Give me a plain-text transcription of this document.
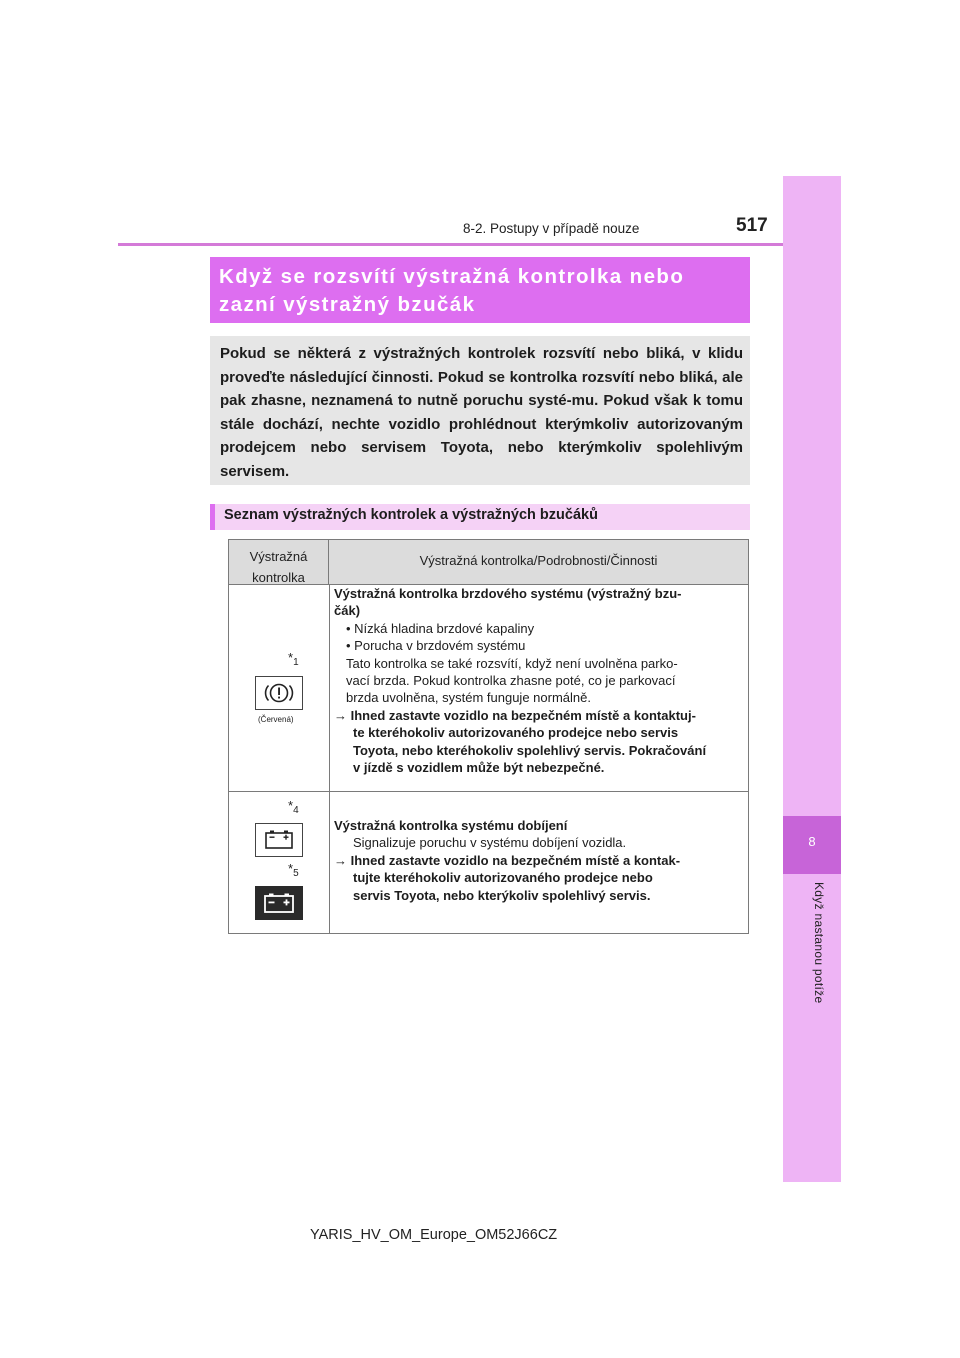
8
Když nastanou potíže
8-2. Postupy v případě nouze	517
Když se rozsvítí výstražná kontrolka nebo
zazní výstražný bzučák
Pokud se některá z výstražných kontrolek rozsvítí nebo bliká, v klidu proveďte následující činnosti. Pokud se kontrolka rozsvítí nebo bliká, ale pak zhasne, neznamená to nutně poruchu systé-mu. Pokud však k tomu stále dochází, nechte vozidlo prohlédnout kterýmkoliv autorizovaným prodejcem nebo servisem Toyota, nebo kterýmkoliv spolehlivým servisem.
Seznam výstražných kontrolek a výstražných bzučáků
Výstražná
kontrolka
Výstražná kontrolka/Podrobnosti/Činnosti
$*_1$
(Červená)
Výstražná kontrolka brzdového systému (výstražný bzu-
čák)
• Nízká hladina brzdové kapaliny
• Porucha v brzdovém systému
Tato kontrolka se také rozsvítí, když není uvolněna parko-
vací brzda. Pokud kontrolka zhasne poté, co je parkovací
brzda uvolněna, systém funguje normálně.
→ Ihned zastavte vozidlo na bezpečném místě a kontaktuj-
te kteréhokoliv autorizovaného prodejce nebo servis
Toyota, nebo kteréhokoliv spolehlivý servis. Pokračování
v jízdě s vozidlem může být nebezpečné.
$*_4$
$*_5$
Výstražná kontrolka systému dobíjení
Signalizuje poruchu v systému dobíjení vozidla.
→ Ihned zastavte vozidlo na bezpečném místě a kontak-
tujte kteréhokoliv autorizovaného prodejce nebo
servis Toyota, nebo kterýkoliv spolehlivý servis.
YARIS_HV_OM_Europe_OM52J66CZ
